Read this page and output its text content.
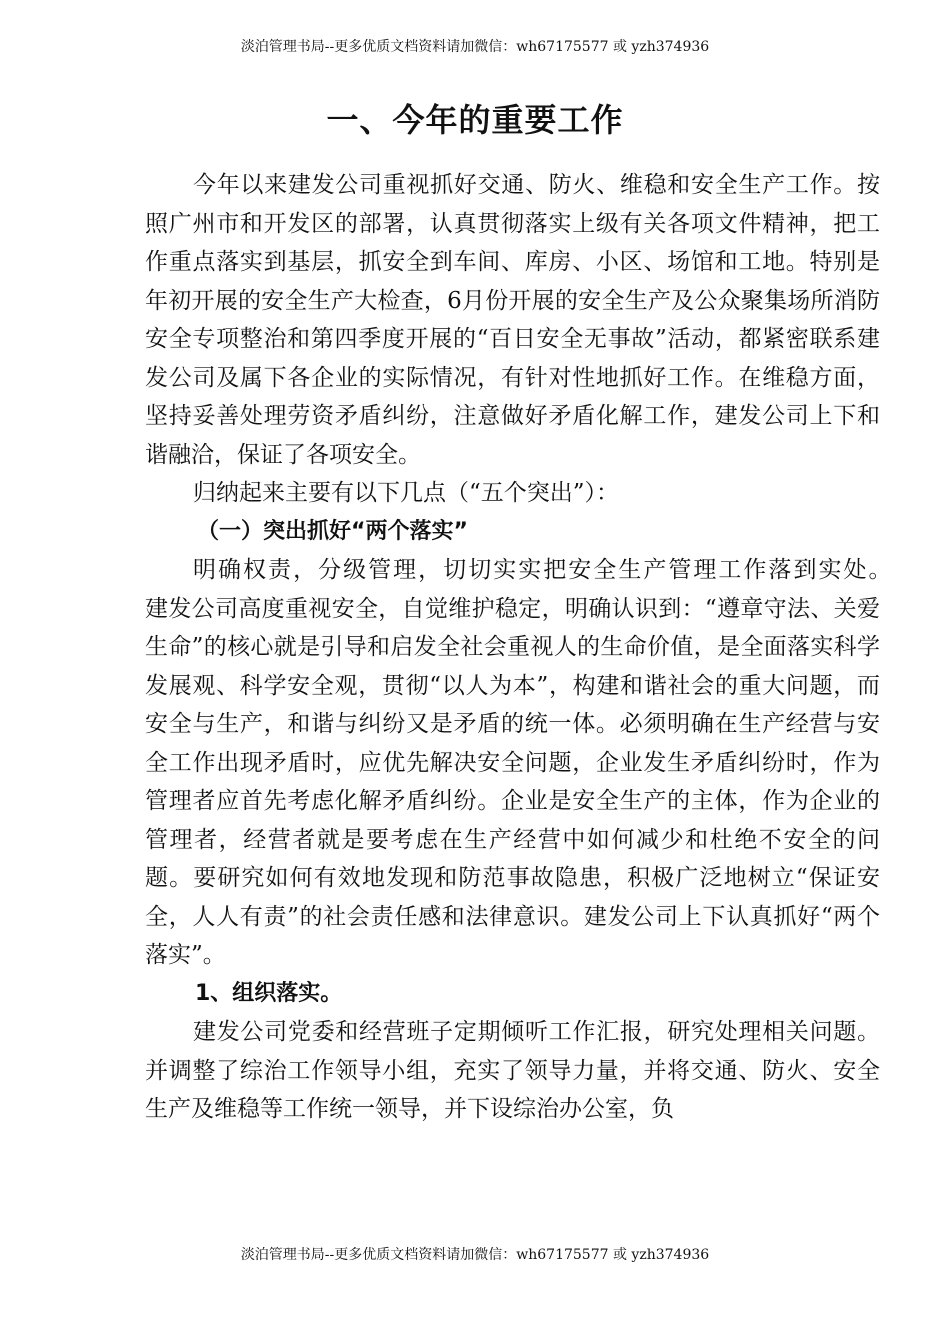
淡泊管理书局--更多优质文档资料请加微信：wh67175577 或 yzh374936
一、今年的重要工作

今年以来建发公司重视抓好交通、防火、维稳和安全生产工作。按照广州市和开发区的部署，认真贯彻落实上级有关各项文件精神，把工作重点落实到基层，抓安全到车间、库房、小区、场馆和工地。特别是年初开展的安全生产大检查，6月份开展的安全生产及公众聚集场所消防安全专项整治和第四季度开展的“百日安全无事故”活动，都紧密联系建发公司及属下各企业的实际情况，有针对性地抓好工作。在维稳方面，坚持妥善处理劳资矛盾纠纷，注意做好矛盾化解工作，建发公司上下和谐融洽，保证了各项安全。

归纳起来主要有以下几点（“五个突出”）：

（一）突出抓好“两个落实”

明确权责，分级管理，切切实实把安全生产管理工作落到实处。　　建发公司高度重视安全，自觉维护稳定，明确认识到：“遵章守法、关爱生命”的核心就是引导和启发全社会重视人的生命价值，是全面落实科学发展观、科学安全观，贯彻“以人为本”，构建和谐社会的重大问题，而安全与生产，和谐与纠纷又是矛盾的统一体。必须明确在生产经营与安全工作出现矛盾时，应优先解决安全问题，企业发生矛盾纠纷时，作为管理者应首先考虑化解矛盾纠纷。企业是安全生产的主体，作为企业的管理者，经营者就是要考虑在生产经营中如何减少和杜绝不安全的问题。要研究如何有效地发现和防范事故隐患，积极广泛地树立“保证安全，人人有责”的社会责任感和法律意识。建发公司上下认真抓好“两个落实”。

1、组织落实。

建发公司党委和经营班子定期倾听工作汇报，研究处理相关问题。并调整了综治工作领导小组，充实了领导力量，并将交通、防火、安全生产及维稳等工作统一领导，并下设综治办公室，负

淡泊管理书局--更多优质文档资料请加微信：wh67175577 或 yzh374936
